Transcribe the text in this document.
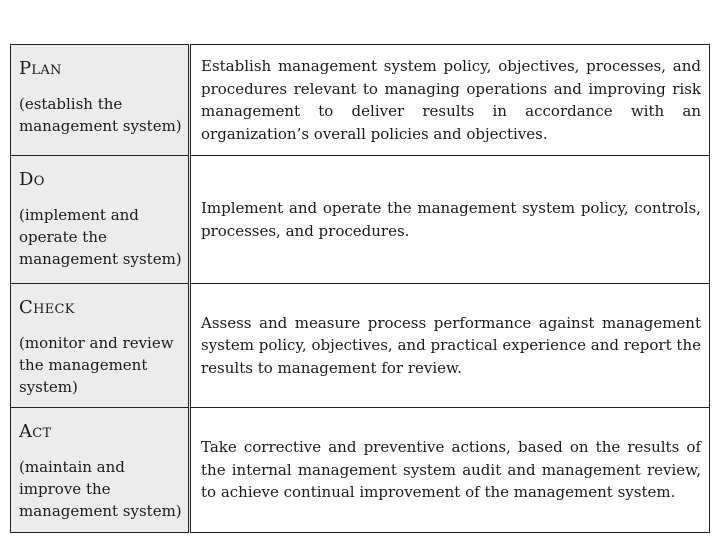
Plan
(establish the management system)	Establish management system policy, objectives, processes, and procedures relevant to managing operations and improving risk management to deliver results in accordance with an organization’s overall policies and objectives.

Do
(implement and operate the management system)	Implement and operate the management system policy, controls, processes, and procedures.

Check
(monitor and review the management system)	Assess and measure process performance against management system policy, objectives, and practical experience and report the results to management for review.

Act
(maintain and improve the management system)	Take corrective and preventive actions, based on the results of the internal management system audit and management review, to achieve continual improvement of the management system.
